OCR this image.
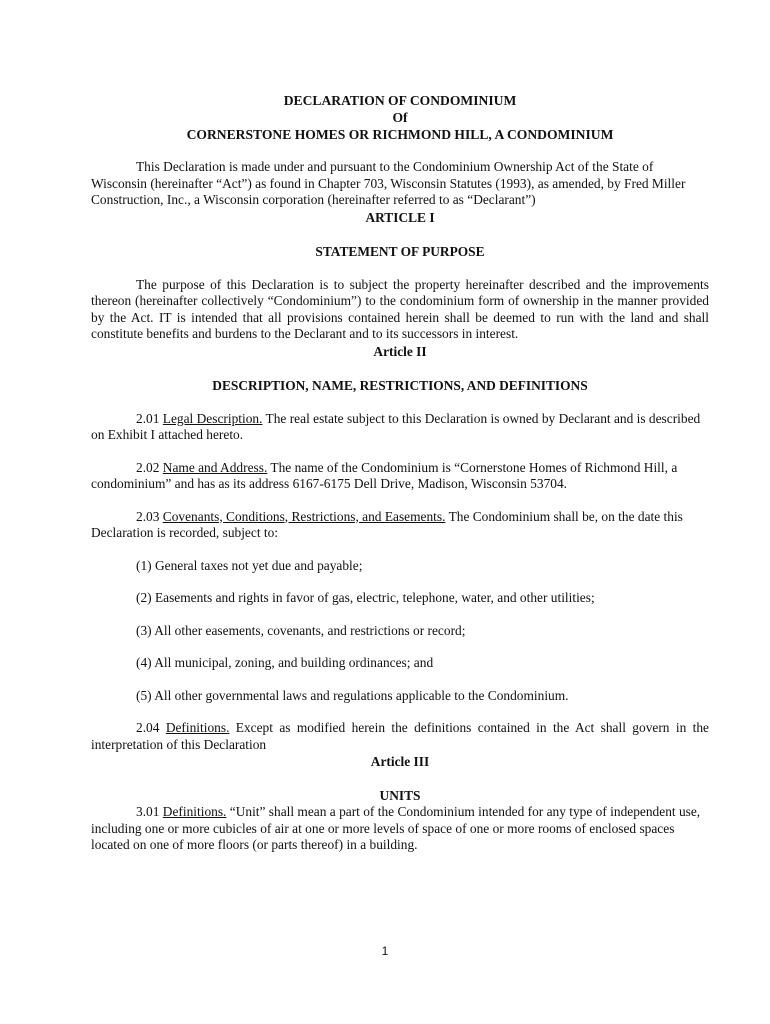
DECLARATION OF CONDOMINIUM
Of
CORNERSTONE HOMES OR RICHMOND HILL, A CONDOMINIUM

This Declaration is made under and pursuant to the Condominium Ownership Act of the State of Wisconsin (hereinafter “Act”) as found in Chapter 703, Wisconsin Statutes (1993), as amended, by Fred Miller Construction, Inc., a Wisconsin corporation (hereinafter referred to as “Declarant”)

ARTICLE I
STATEMENT OF PURPOSE

The purpose of this Declaration is to subject the property hereinafter described and the improvements thereon (hereinafter collectively “Condominium”) to the condominium form of ownership in the manner provided by the Act. IT is intended that all provisions contained herein shall be deemed to run with the land and shall constitute benefits and burdens to the Declarant and to its successors in interest.

Article II
DESCRIPTION, NAME, RESTRICTIONS, AND DEFINITIONS

2.01 Legal Description. The real estate subject to this Declaration is owned by Declarant and is described on Exhibit I attached hereto.

2.02 Name and Address. The name of the Condominium is “Cornerstone Homes of Richmond Hill, a condominium” and has as its address 6167-6175 Dell Drive, Madison, Wisconsin 53704.

2.03 Covenants, Conditions, Restrictions, and Easements. The Condominium shall be, on the date this Declaration is recorded, subject to:

(1) General taxes not yet due and payable;

(2) Easements and rights in favor of gas, electric, telephone, water, and other utilities;

(3) All other easements, covenants, and restrictions or record;

(4) All municipal, zoning, and building ordinances; and

(5) All other governmental laws and regulations applicable to the Condominium.

2.04 Definitions. Except as modified herein the definitions contained in the Act shall govern in the interpretation of this Declaration

Article III
UNITS

3.01 Definitions. “Unit” shall mean a part of the Condominium intended for any type of independent use, including one or more cubicles of air at one or more levels of space of one or more rooms of enclosed spaces located on one of more floors (or parts thereof) in a building.

1
